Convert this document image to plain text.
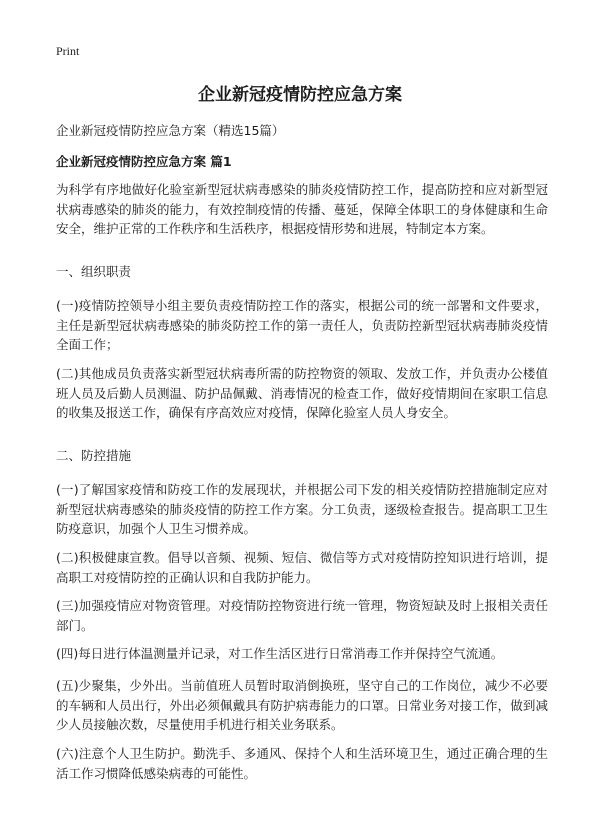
Print
企业新冠疫情防控应急方案

企业新冠疫情防控应急方案（精选15篇）

企业新冠疫情防控应急方案 篇1

为科学有序地做好化验室新型冠状病毒感染的肺炎疫情防控工作，提高防控和应对新型冠状病毒感染的肺炎的能力，有效控制疫情的传播、蔓延，保障全体职工的身体健康和生命安全，维护正常的工作秩序和生活秩序，根据疫情形势和进展，特制定本方案。

一、组织职责

(一)疫情防控领导小组主要负责疫情防控工作的落实，根据公司的统一部署和文件要求，主任是新型冠状病毒感染的肺炎防控工作的第一责任人，负责防控新型冠状病毒肺炎疫情全面工作；

(二)其他成员负责落实新型冠状病毒所需的防控物资的领取、发放工作，并负责办公楼值班人员及后勤人员测温、防护品佩戴、消毒情况的检查工作，做好疫情期间在家职工信息的收集及报送工作，确保有序高效应对疫情，保障化验室人员人身安全。

二、防控措施

(一)了解国家疫情和防疫工作的发展现状，并根据公司下发的相关疫情防控措施制定应对新型冠状病毒感染的肺炎疫情的防控工作方案。分工负责，逐级检查报告。提高职工卫生防疫意识，加强个人卫生习惯养成。

(二)积极健康宣教。倡导以音频、视频、短信、微信等方式对疫情防控知识进行培训，提高职工对疫情防控的正确认识和自我防护能力。

(三)加强疫情应对物资管理。对疫情防控物资进行统一管理，物资短缺及时上报相关责任部门。

(四)每日进行体温测量并记录，对工作生活区进行日常消毒工作并保持空气流通。

(五)少聚集，少外出。当前值班人员暂时取消倒换班，坚守自己的工作岗位，减少不必要的车辆和人员出行，外出必须佩戴具有防护病毒能力的口罩。日常业务对接工作，做到减少人员接触次数，尽量使用手机进行相关业务联系。

(六)注意个人卫生防护。勤洗手、多通风、保持个人和生活环境卫生，通过正确合理的生活工作习惯降低感染病毒的可能性。
